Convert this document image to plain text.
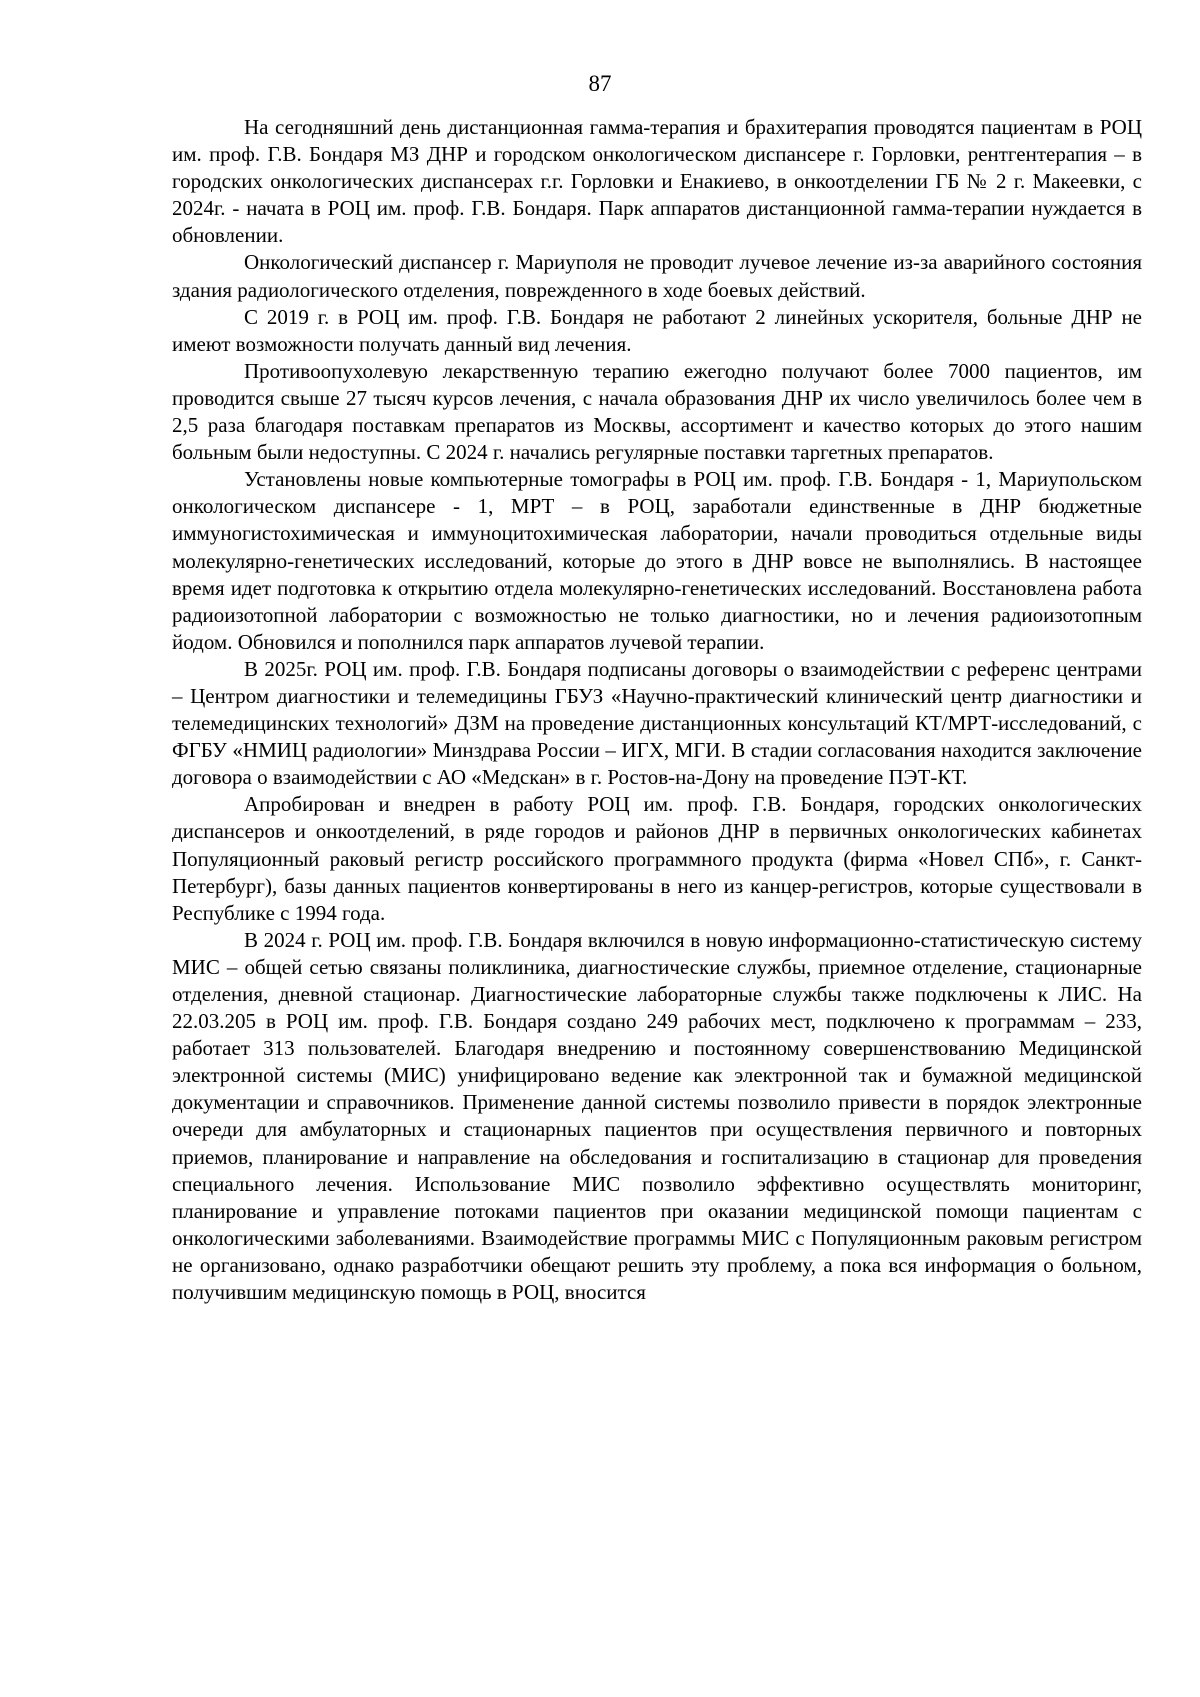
87

На сегодняшний день дистанционная гамма-терапия и брахитерапия проводятся пациентам в РОЦ им. проф. Г.В. Бондаря МЗ ДНР и городском онкологическом диспансере г. Горловки, рентгентерапия – в городских онкологических диспансерах г.г. Горловки и Енакиево, в онкоотделении ГБ № 2 г. Макеевки, с 2024г. - начата в РОЦ им. проф. Г.В. Бондаря. Парк аппаратов дистанционной гамма-терапии нуждается в обновлении.

Онкологический диспансер г. Мариуполя не проводит лучевое лечение из-за аварийного состояния здания радиологического отделения, поврежденного в ходе боевых действий.

С 2019 г. в РОЦ им. проф. Г.В. Бондаря не работают 2 линейных ускорителя, больные ДНР не имеют возможности получать данный вид лечения.

Противоопухолевую лекарственную терапию ежегодно получают более 7000 пациентов, им проводится свыше 27 тысяч курсов лечения, с начала образования ДНР их число увеличилось более чем в 2,5 раза благодаря поставкам препаратов из Москвы, ассортимент и качество которых до этого нашим больным были недоступны. С 2024 г. начались регулярные поставки таргетных препаратов.

Установлены новые компьютерные томографы в РОЦ им. проф. Г.В. Бондаря - 1, Мариупольском онкологическом диспансере - 1, МРТ – в РОЦ, заработали единственные в ДНР бюджетные иммуногистохимическая и иммуноцитохимическая лаборатории, начали проводиться отдельные виды молекулярно-генетических исследований, которые до этого в ДНР вовсе не выполнялись. В настоящее время идет подготовка к открытию отдела молекулярно-генетических исследований. Восстановлена работа радиоизотопной лаборатории с возможностью не только диагностики, но и лечения радиоизотопным йодом. Обновился и пополнился парк аппаратов лучевой терапии.

В 2025г. РОЦ им. проф. Г.В. Бондаря подписаны договоры о взаимодействии с референс центрами – Центром диагностики и телемедицины ГБУЗ «Научно-практический клинический центр диагностики и телемедицинских технологий» ДЗМ на проведение дистанционных консультаций КТ/МРТ-исследований, с ФГБУ «НМИЦ радиологии» Минздрава России – ИГХ, МГИ. В стадии согласования находится заключение договора о взаимодействии с АО «Медскан» в г. Ростов-на-Дону на проведение ПЭТ-КТ.

Апробирован и внедрен в работу РОЦ им. проф. Г.В. Бондаря, городских онкологических диспансеров и онкоотделений, в ряде городов и районов ДНР в первичных онкологических кабинетах Популяционный раковый регистр российского программного продукта (фирма «Новел СПб», г. Санкт-Петербург), базы данных пациентов конвертированы в него из канцер-регистров, которые существовали в Республике с 1994 года.

В 2024 г. РОЦ им. проф. Г.В. Бондаря включился в новую информационно-статистическую систему МИС – общей сетью связаны поликлиника, диагностические службы, приемное отделение, стационарные отделения, дневной стационар. Диагностические лабораторные службы также подключены к ЛИС. На 22.03.205 в РОЦ им. проф. Г.В. Бондаря создано 249 рабочих мест, подключено к программам – 233, работает 313 пользователей. Благодаря внедрению и постоянному совершенствованию Медицинской электронной системы (МИС) унифицировано ведение как электронной так и бумажной медицинской документации и справочников. Применение данной системы позволило привести в порядок электронные очереди для амбулаторных и стационарных пациентов при осуществления первичного и повторных приемов, планирование и направление на обследования и госпитализацию в стационар для проведения специального лечения. Использование МИС позволило эффективно осуществлять мониторинг, планирование и управление потоками пациентов при оказании медицинской помощи пациентам с онкологическими заболеваниями. Взаимодействие программы МИС с Популяционным раковым регистром не организовано, однако разработчики обещают решить эту проблему, а пока вся информация о больном, получившим медицинскую помощь в РОЦ, вносится
